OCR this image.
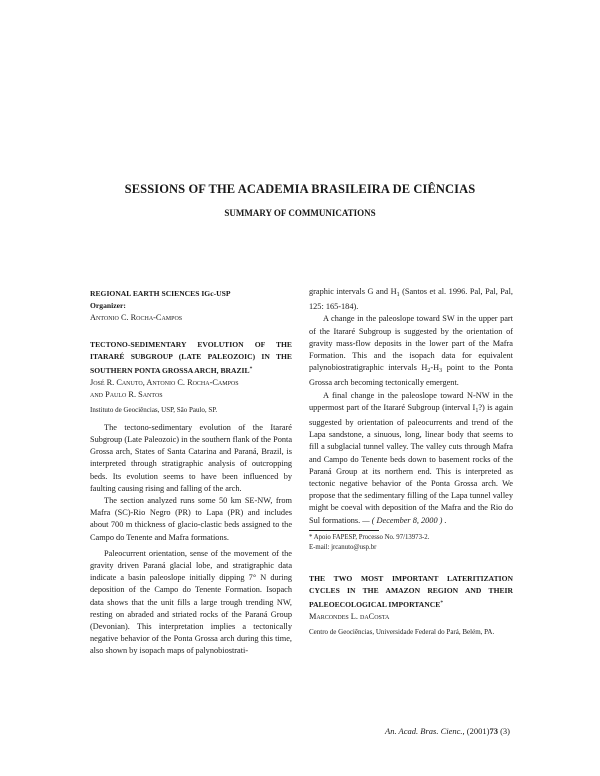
SESSIONS OF THE ACADEMIA BRASILEIRA DE CIÊNCIAS
SUMMARY OF COMMUNICATIONS

REGIONAL EARTH SCIENCES IGc-USP

Organizer:

Antonio C. Rocha-Campos

TECTONO-SEDIMENTARY EVOLUTION OF THE ITARARÉ SUBGROUP (LATE PALEOZOIC) IN THE SOUTHERN PONTA GROSSA ARCH, BRAZIL*

José R. Canuto, Antonio C. Rocha-Campos

and Paulo R. Santos

Instituto de Geociências, USP, São Paulo, SP.

The tectono-sedimentary evolution of the Itararé Subgroup (Late Paleozoic) in the southern flank of the Ponta Grossa arch, States of Santa Catarina and Paraná, Brazil, is interpreted through stratigraphic analysis of outcropping beds. Its evolution seems to have been influenced by faulting causing rising and falling of the arch.

The section analyzed runs some 50 km SE-NW, from Mafra (SC)-Rio Negro (PR) to Lapa (PR) and includes about 700 m thickness of glacio-clastic beds assigned to the Campo do Tenente and Mafra formations.

Paleocurrent orientation, sense of the movement of the gravity driven Paraná glacial lobe, and stratigraphic data indicate a basin paleoslope initially dipping 7° N during deposition of the Campo do Tenente Formation. Isopach data shows that the unit fills a large trough trending NW, resting on abraded and striated rocks of the Paraná Group (Devonian). This interpretation implies a tectonically negative behavior of the Ponta Grossa arch during this time, also shown by isopach maps of palynobiostrati-

graphic intervals G and $H_1$ (Santos et al. 1996. Pal, Pal, Pal, 125: 165-184).

A change in the paleoslope toward SW in the upper part of the Itararé Subgroup is suggested by the orientation of gravity mass-flow deposits in the lower part of the Mafra Formation. This and the isopach data for equivalent palynobiostratigraphic intervals $H_2-H_3$ point to the Ponta Grossa arch becoming tectonically emergent.

A final change in the paleoslope toward N-NW in the uppermost part of the Itararé Subgroup (interval $I_1$?) is again suggested by orientation of paleocurrents and trend of the Lapa sandstone, a sinuous, long, linear body that seems to fill a subglacial tunnel valley. The valley cuts through Mafra and Campo do Tenente beds down to basement rocks of the Paraná Group at its northern end. This is interpreted as tectonic negative behavior of the Ponta Grossa arch. We propose that the sedimentary filling of the Lapa tunnel valley might be coeval with deposition of the Mafra and the Rio do Sul formations. — ( December 8, 2000 ) .

* Apoio FAPESP, Processo No. 97/13973-2.

E-mail: jrcanuto@usp.br

THE TWO MOST IMPORTANT LATERITIZATION CYCLES IN THE AMAZON REGION AND THEIR PALEOECOLOGICAL IMPORTANCE*

Marcondes L. daCosta

Centro de Geociências, Universidade Federal do Pará, Belém, PA.

An. Acad. Bras. Cienc., (2001)73 (3)
